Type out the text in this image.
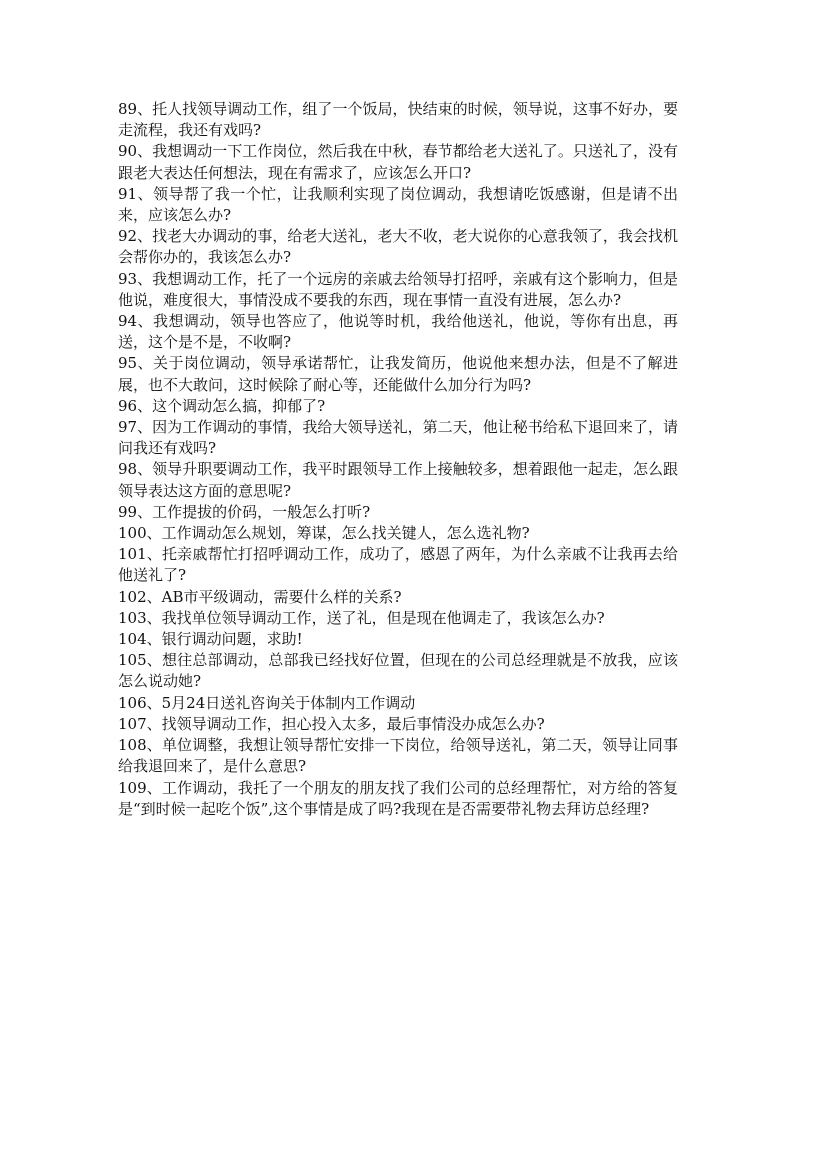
89、托人找领导调动工作，组了一个饭局，快结束的时候，领导说，这事不好办，要走流程，我还有戏吗?

90、我想调动一下工作岗位，然后我在中秋，春节都给老大送礼了。只送礼了，没有跟老大表达任何想法，现在有需求了，应该怎么开口?

91、领导帮了我一个忙，让我顺利实现了岗位调动，我想请吃饭感谢，但是请不出来，应该怎么办?

92、找老大办调动的事，给老大送礼，老大不收，老大说你的心意我领了，我会找机会帮你办的，我该怎么办?

93、我想调动工作，托了一个远房的亲戚去给领导打招呼，亲戚有这个影响力，但是他说，难度很大，事情没成不要我的东西，现在事情一直没有进展，怎么办?

94、我想调动，领导也答应了，他说等时机，我给他送礼，他说，等你有出息，再送，这个是不是，不收啊?

95、关于岗位调动，领导承诺帮忙，让我发简历，他说他来想办法，但是不了解进展，也不大敢问，这时候除了耐心等，还能做什么加分行为吗?

96、这个调动怎么搞，抑郁了?

97、因为工作调动的事情，我给大领导送礼，第二天，他让秘书给私下退回来了，请问我还有戏吗?

98、领导升职要调动工作，我平时跟领导工作上接触较多，想着跟他一起走，怎么跟领导表达这方面的意思呢?

99、工作提拔的价码，一般怎么打听?

100、工作调动怎么规划，筹谋，怎么找关键人，怎么选礼物?

101、托亲戚帮忙打招呼调动工作，成功了，感恩了两年，为什么亲戚不让我再去给他送礼了?

102、AB市平级调动，需要什么样的关系?

103、我找单位领导调动工作，送了礼，但是现在他调走了，我该怎么办?

104、银行调动问题，求助!

105、想往总部调动，总部我已经找好位置，但现在的公司总经理就是不放我，应该怎么说动她?

106、5月24日送礼咨询关于体制内工作调动

107、找领导调动工作，担心投入太多，最后事情没办成怎么办?

108、单位调整，我想让领导帮忙安排一下岗位，给领导送礼，第二天，领导让同事给我退回来了，是什么意思?

109、工作调动，我托了一个朋友的朋友找了我们公司的总经理帮忙，对方给的答复是“到时候一起吃个饭”,这个事情是成了吗?我现在是否需要带礼物去拜访总经理?
